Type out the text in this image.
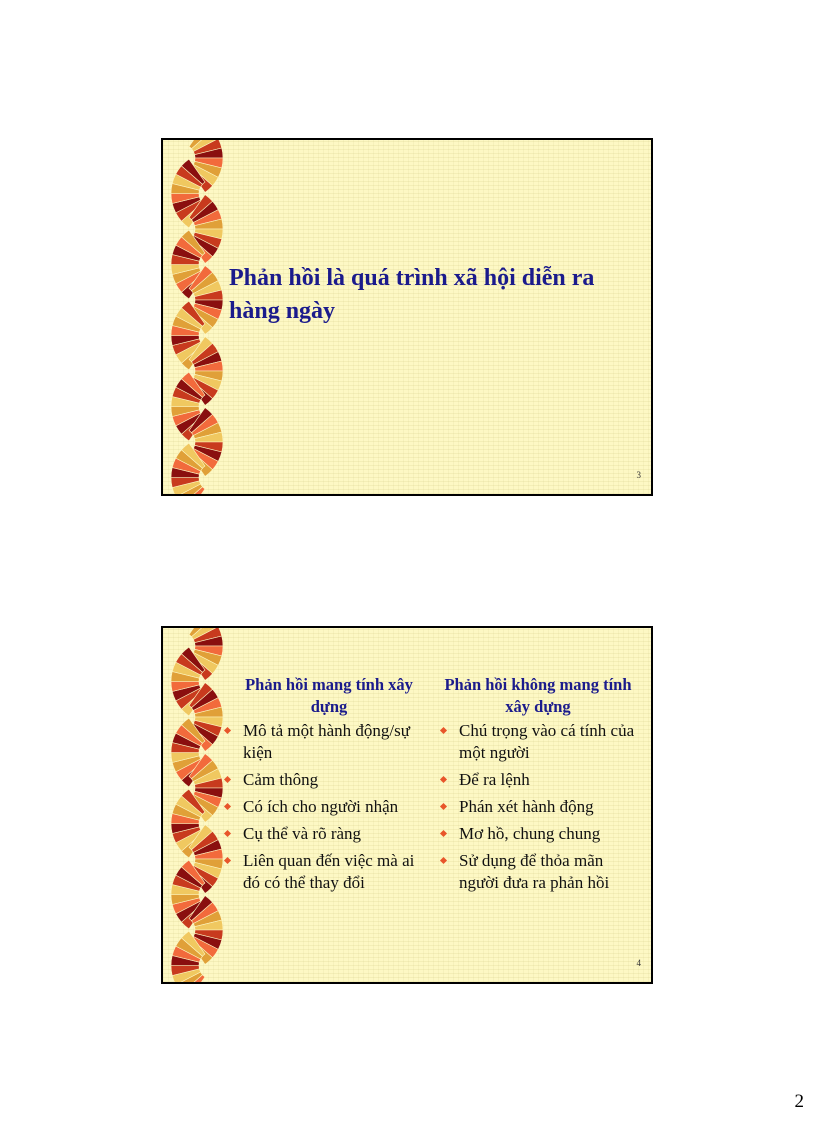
Phản hồi là quá trình xã hội diễn ra hàng ngày
3

Phản hồi mang tính xây dựng

Mô tả một hành động/sự kiện
Cảm thông
Có ích cho người nhận
Cụ thể và rõ ràng
Liên quan đến việc mà ai đó có thể thay đổi

Phản hồi không mang tính xây dựng

Chú trọng vào cá tính của một người
Để ra lệnh
Phán xét hành động
Mơ hồ, chung chung
Sử dụng để thỏa mãn người đưa ra phản hồi
4
2
